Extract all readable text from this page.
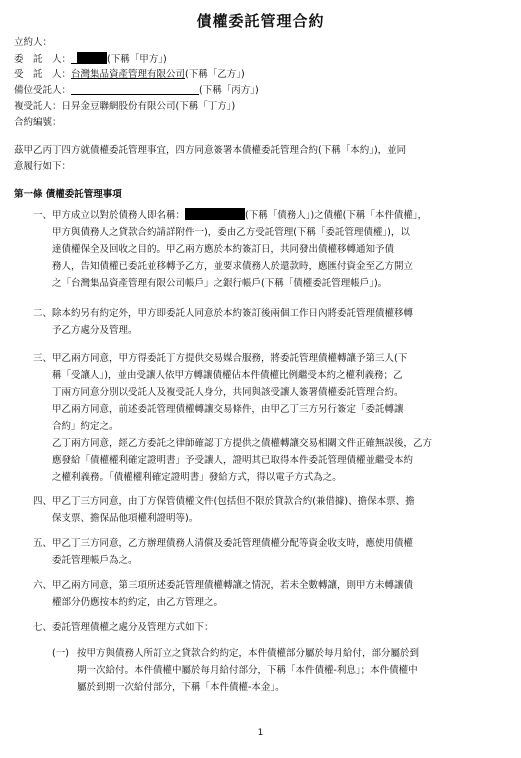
債權委託管理合約
立約人：
委　託　人：	(下稱「甲方」)
受　託　人：台灣集品資產管理有限公司(下稱「乙方」)
備位受託人：	(下稱「丙方」)
複受託人：日昇金豆聯網股份有限公司(下稱「丁方」)
合約編號：
茲甲乙丙丁四方就債權委託管理事宜，四方同意簽署本債權委託管理合約(下稱「本約」)，並同
意履行如下：
第一條 債權委託管理事項
一、 甲方成立以對於債務人即名稱：	(下稱「債務人」)之債權(下稱「本件債權」，
甲方與債務人之貸款合約請詳附件一)，委由乙方受託管理(下稱「委託管理債權」)，以
達債權保全及回收之目的。甲乙兩方應於本約簽訂日，共同發出債權移轉通知予債
務人，告知債權已委託並移轉予乙方，並要求債務人於還款時，應匯付資金至乙方開立
之「台灣集品資產管理有限公司帳戶」之銀行帳戶(下稱「債權委託管理帳戶」)。
二、 除本約另有約定外，甲方即委託人同意於本約簽訂後兩個工作日內將委託管理債權移轉
予乙方處分及管理。
三、 甲乙兩方同意，甲方得委託丁方提供交易媒合服務，將委託管理債權轉讓予第三人(下
稱「受讓人」)，並由受讓人依甲方轉讓債權佔本件債權比例繼受本約之權利義務；乙
丁兩方同意分別以受託人及複受託人身分，共同與該受讓人簽署債權委託管理合約。
甲乙兩方同意，前述委託管理債權轉讓交易條件，由甲乙丁三方另行簽定「委託轉讓
合約」約定之。
乙丁兩方同意，經乙方委託之律師確認丁方提供之債權轉讓交易相關文件正確無誤後，乙方
應發給「債權權利確定證明書」予受讓人，證明其已取得本件委託管理債權並繼受本約
之權利義務。「債權權利確定證明書」發給方式，得以電子方式為之。
四、 甲乙丁三方同意，由丁方保管債權文件(包括但不限於貸款合約(兼借據)、擔保本票、擔
保支票、擔保品他項權利證明等)。
五、 甲乙丁三方同意，乙方辦理債務人清償及委託管理債權分配等資金收支時，應使用債權
委託管理帳戶為之。
六、 甲乙兩方同意，第三項所述委託管理債權轉讓之情況，若未全數轉讓，則甲方未轉讓債
權部分仍應按本約約定，由乙方管理之。
七、 委託管理債權之處分及管理方式如下：
(一) 按甲方與債務人所訂立之貸款合約約定，本件債權部分屬於每月給付，部分屬於到
期一次給付。本件債權中屬於每月給付部分，下稱「本件債權-利息」；本件債權中
屬於到期一次給付部分，下稱「本件債權-本金」。
1
